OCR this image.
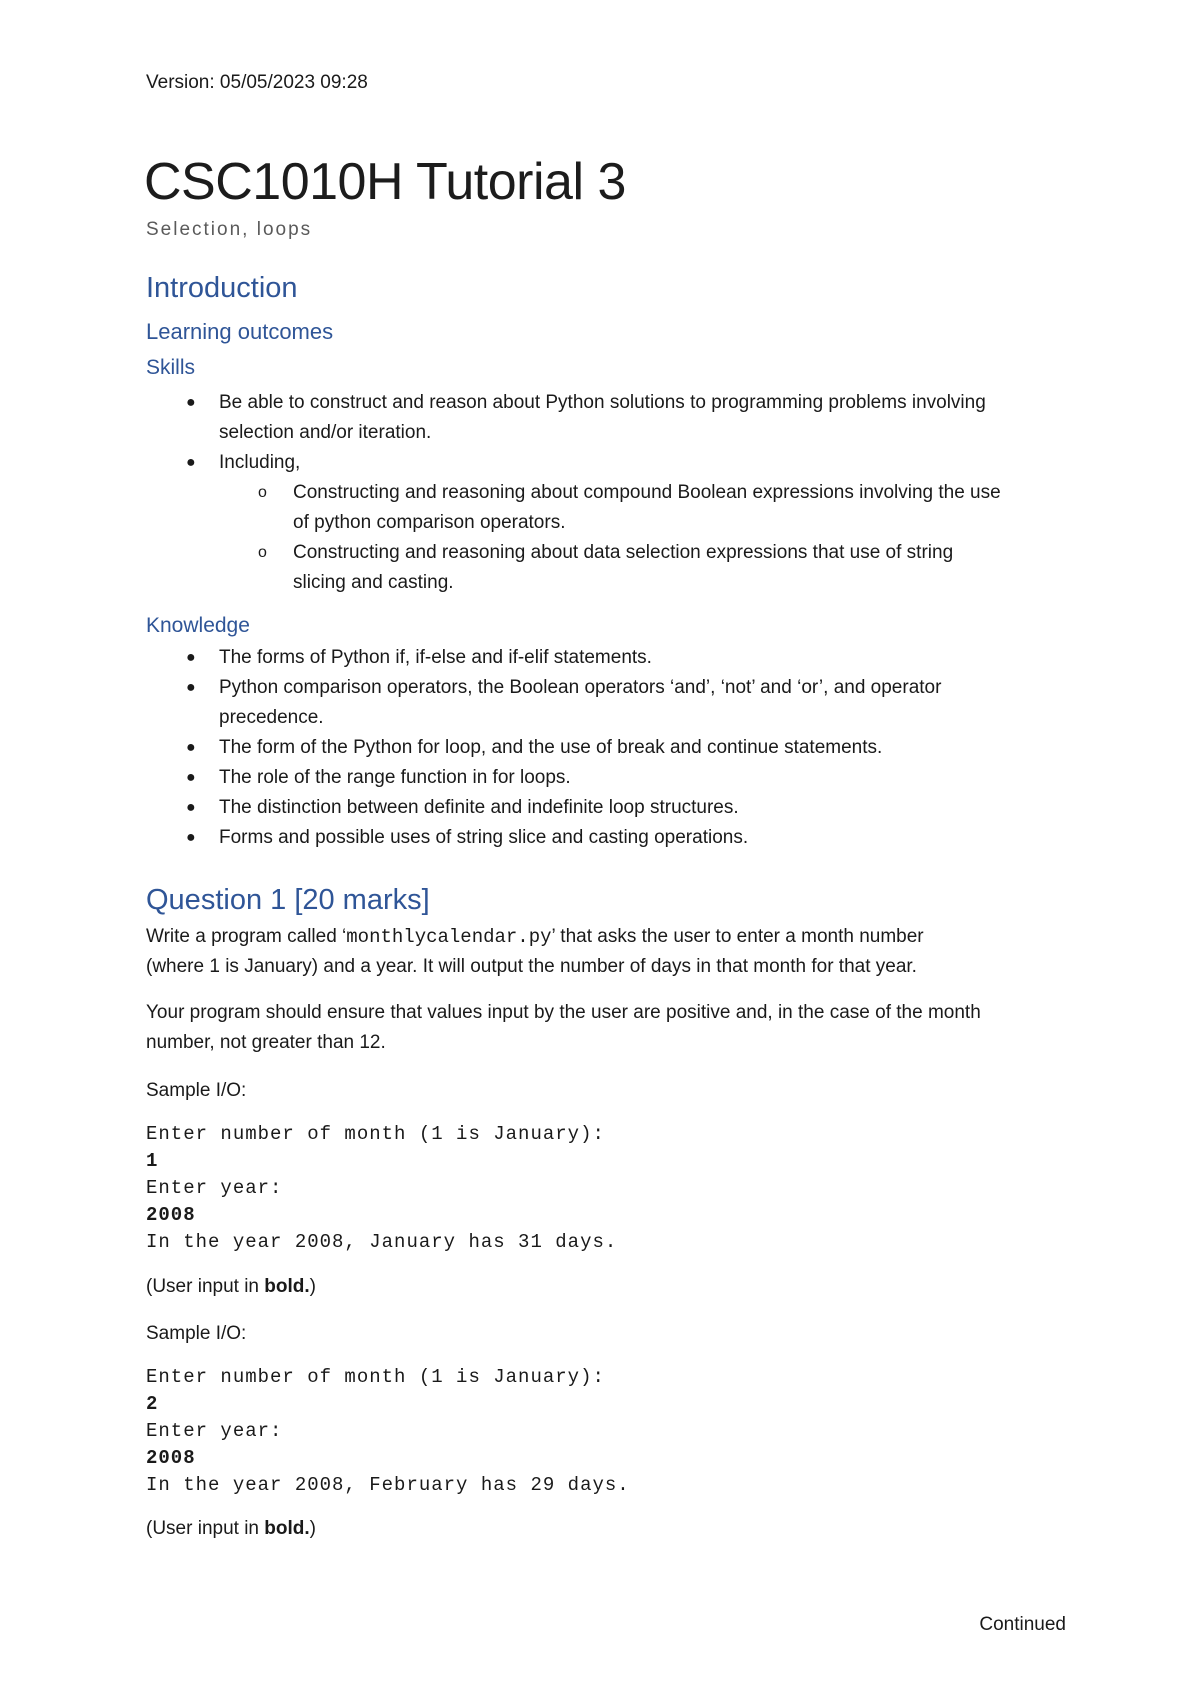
Version: 05/05/2023 09:28
CSC1010H Tutorial 3
Selection, loops
Introduction
Learning outcomes
Skills
● Be able to construct and reason about Python solutions to programming problems involving
selection and/or iteration.
● Including,
o Constructing and reasoning about compound Boolean expressions involving the use
of python comparison operators.
o Constructing and reasoning about data selection expressions that use of string
slicing and casting.
Knowledge
● The forms of Python if, if-else and if-elif statements.
● Python comparison operators, the Boolean operators ‘and’, ‘not’ and ‘or’, and operator
precedence.
● The form of the Python for loop, and the use of break and continue statements.
● The role of the range function in for loops.
● The distinction between definite and indefinite loop structures.
● Forms and possible uses of string slice and casting operations.
Question 1 [20 marks]

Write a program called ‘monthlycalendar.py’ that asks the user to enter a month number

(where 1 is January) and a year. It will output the number of days in that month for that year.

Your program should ensure that values input by the user are positive and, in the case of the month

number, not greater than 12.

Sample I/O:
Enter number of month (1 is January):
1
Enter year:
2008
In the year 2008, January has 31 days.
(User input in bold.)
Sample I/O:
Enter number of month (1 is January):
2
Enter year:
2008
In the year 2008, February has 29 days.
(User input in bold.)
Continued
